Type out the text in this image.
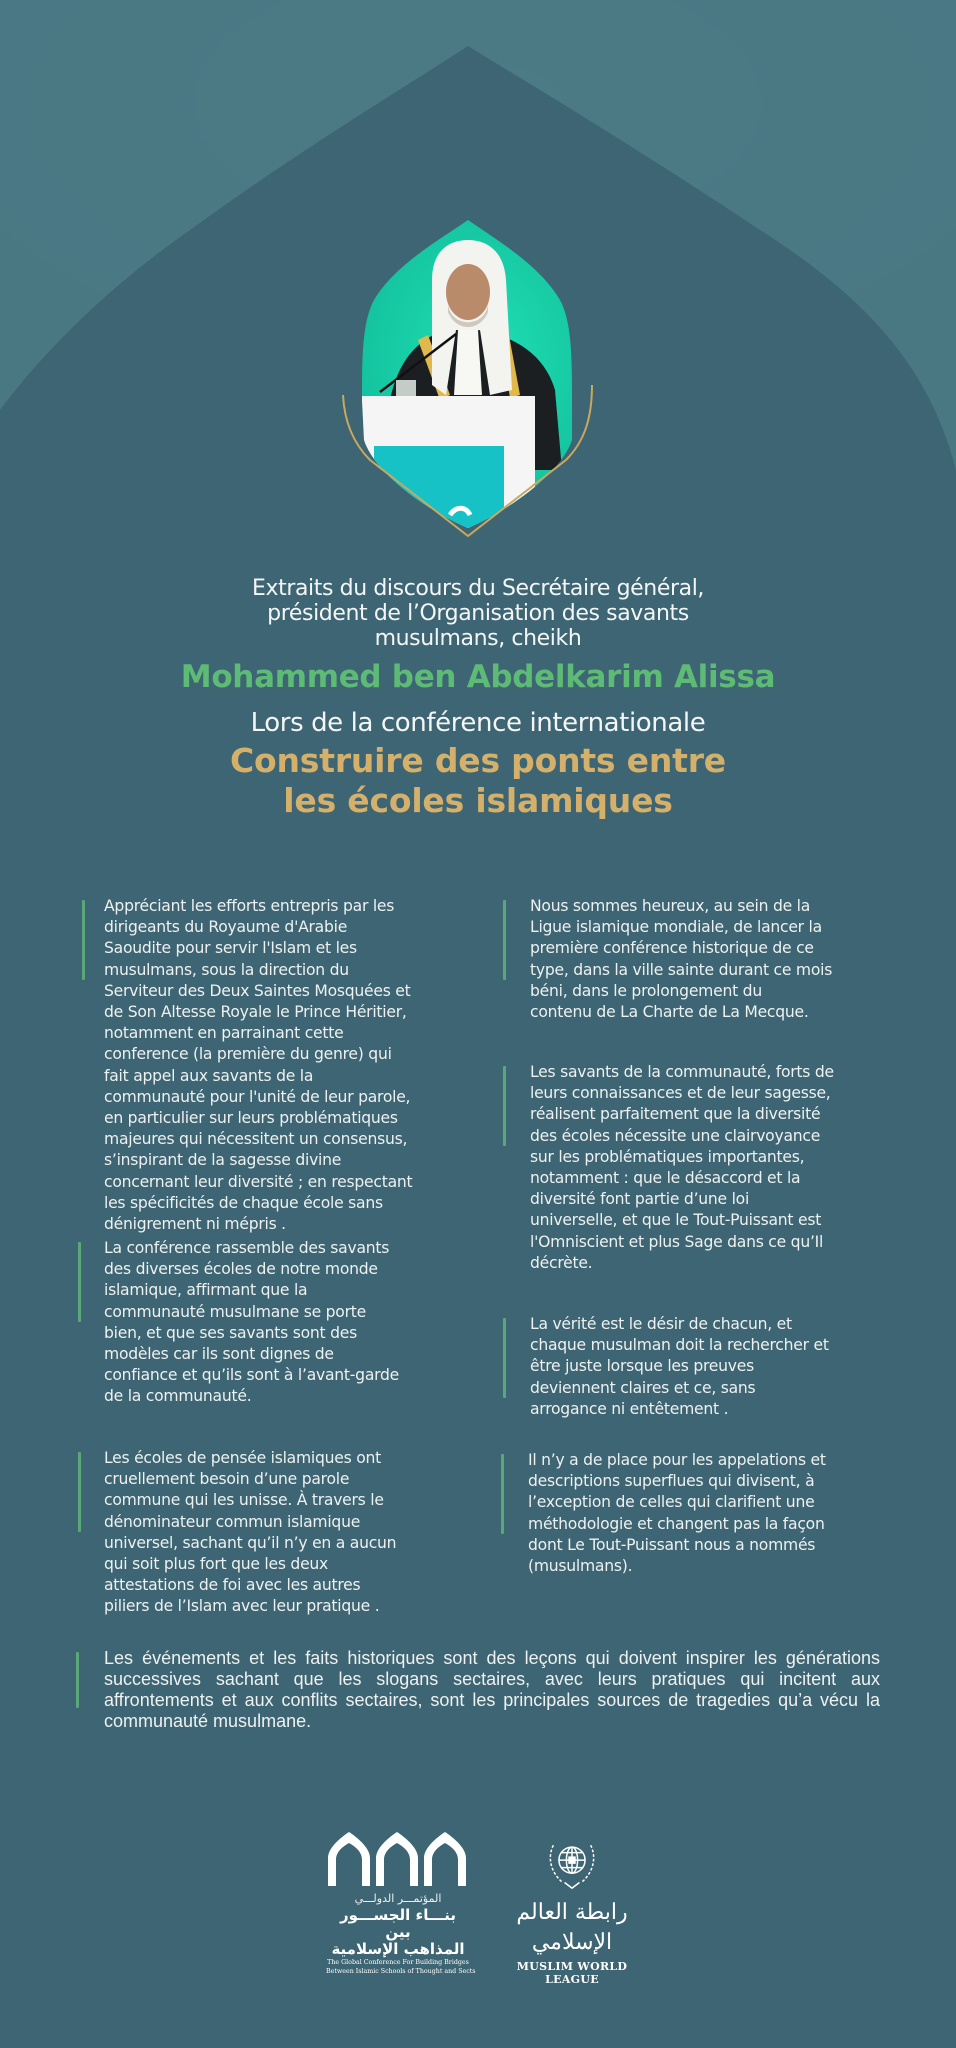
Extraits du discours du Secrétaire général,
président de l’Organisation des savants
musulmans, cheikh
Mohammed ben Abdelkarim Alissa
Lors de la conférence internationale
Construire des ponts entre
les écoles islamiques
Appréciant les efforts entrepris par les
dirigeants du Royaume d'Arabie
Saoudite pour servir l'Islam et les
musulmans, sous la direction du
Serviteur des Deux Saintes Mosquées et
de Son Altesse Royale le Prince Héritier,
notamment en parrainant cette
conference (la première du genre) qui
fait appel aux savants de la
communauté pour l'unité de leur parole,
en particulier sur leurs problématiques
majeures qui nécessitent un consensus,
s’inspirant de la sagesse divine
concernant leur diversité ; en respectant
les spécificités de chaque école sans
dénigrement ni mépris .
La conférence rassemble des savants
des diverses écoles de notre monde
islamique, affirmant que la
communauté musulmane se porte
bien, et que ses savants sont des
modèles car ils sont dignes de
confiance et qu’ils sont à l’avant-garde
de la communauté.
Les écoles de pensée islamiques ont
cruellement besoin d’une parole
commune qui les unisse. À travers le
dénominateur commun islamique
universel, sachant qu’il n’y en a aucun
qui soit plus fort que les deux
attestations de foi avec les autres
piliers de l’Islam avec leur pratique .
Nous sommes heureux, au sein de la
Ligue islamique mondiale, de lancer la
première conférence historique de ce
type, dans la ville sainte durant ce mois
béni, dans le prolongement du
contenu de La Charte de La Mecque.
Les savants de la communauté, forts de
leurs connaissances et de leur sagesse,
réalisent parfaitement que la diversité
des écoles nécessite une clairvoyance
sur les problématiques importantes,
notamment : que le désaccord et la
diversité font partie d’une loi
universelle, et que le Tout-Puissant est
l'Omniscient et plus Sage dans ce qu’Il
décrète.
La vérité est le désir de chacun, et
chaque musulman doit la rechercher et
être juste lorsque les preuves
deviennent claires et ce, sans
arrogance ni entêtement .
Il n’y a de place pour les appelations et
descriptions superflues qui divisent, à
l’exception de celles qui clarifient une
méthodologie et changent pas la façon
dont Le Tout-Puissant nous a nommés
(musulmans).
Les événements et les faits historiques sont des leçons qui doivent inspirer les générations successives sachant que les slogans sectaires, avec leurs pratiques qui incitent aux affrontements et aux conflits sectaires, sont les principales sources de tragedies qu’a vécu la communauté musulmane.
المؤتمـــر الدولـــي
بنـــاء الجســـور بين
المذاهب الإسلامية
The Global Conference For Building Bridges
Between Islamic Schools of Thought and Sects
رابطة العالم الإسلامي
MUSLIM WORLD LEAGUE
